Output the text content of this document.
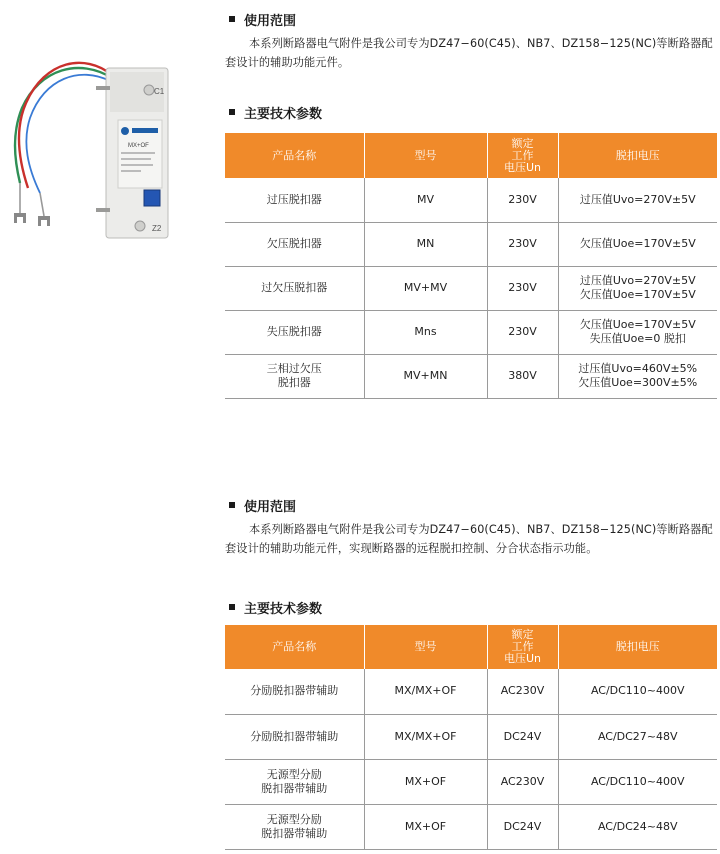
MX+OF
C1
Z2
使用范围
本系列断路器电气附件是我公司专为DZ47−60(C45)、NB7、DZ158−125(NC)等断路器配套设计的辅助功能元件。
主要技术参数
产品名称	型号	额定
工作
电压Un	脱扣电压

过压脱扣器	MV	230V	过压值Uvo=270V±5V

欠压脱扣器	MN	230V	欠压值Uoe=170V±5V

过欠压脱扣器	MV+MV	230V	过压值Uvo=270V±5V
欠压值Uoe=170V±5V

失压脱扣器	Mns	230V	欠压值Uoe=170V±5V
失压值Uoe=0 脱扣

三相过欠压
脱扣器	MV+MN	380V	过压值Uvo=460V±5%
欠压值Uoe=300V±5%
使用范围
本系列断路器电气附件是我公司专为DZ47−60(C45)、NB7、DZ158−125(NC)等断路器配套设计的辅助功能元件，实现断路器的远程脱扣控制、分合状态指示功能。
主要技术参数
产品名称	型号	额定
工作
电压Un	脱扣电压

分励脱扣器带辅助	MX/MX+OF	AC230V	AC/DC110~400V

分励脱扣器带辅助	MX/MX+OF	DC24V	AC/DC27~48V

无源型分励
脱扣器带辅助	MX+OF	AC230V	AC/DC110~400V

无源型分励
脱扣器带辅助	MX+OF	DC24V	AC/DC24~48V
